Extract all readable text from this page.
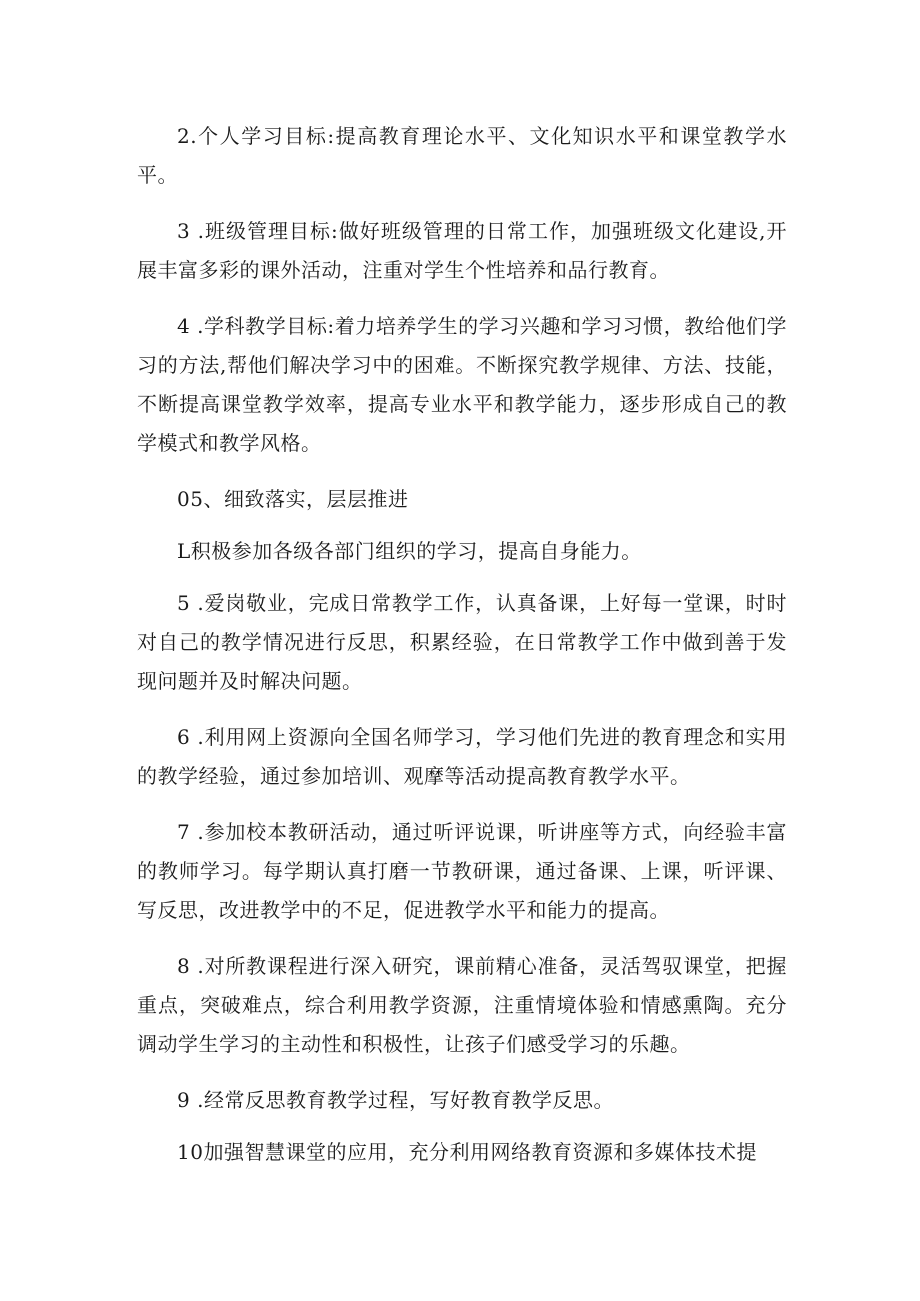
2.个人学习目标:提高教育理论水平、文化知识水平和课堂教学水平。

3 .班级管理目标:做好班级管理的日常工作，加强班级文化建设,开展丰富多彩的课外活动，注重对学生个性培养和品行教育。

4 .学科教学目标:着力培养学生的学习兴趣和学习习惯，教给他们学习的方法,帮他们解决学习中的困难。不断探究教学规律、方法、技能，不断提高课堂教学效率，提高专业水平和教学能力，逐步形成自己的教学模式和教学风格。

05、细致落实，层层推进

L积极参加各级各部门组织的学习，提高自身能力。

5 .爱岗敬业，完成日常教学工作，认真备课，上好每一堂课，时时对自己的教学情况进行反思，积累经验，在日常教学工作中做到善于发现问题并及时解决问题。

6 .利用网上资源向全国名师学习，学习他们先进的教育理念和实用的教学经验，通过参加培训、观摩等活动提高教育教学水平。

7 .参加校本教研活动，通过听评说课，听讲座等方式，向经验丰富的教师学习。每学期认真打磨一节教研课，通过备课、上课，听评课、写反思，改进教学中的不足，促进教学水平和能力的提高。

8 .对所教课程进行深入研究，课前精心准备，灵活驾驭课堂，把握重点，突破难点，综合利用教学资源，注重情境体验和情感熏陶。充分调动学生学习的主动性和积极性，让孩子们感受学习的乐趣。

9 .经常反思教育教学过程，写好教育教学反思。

10加强智慧课堂的应用，充分利用网络教育资源和多媒体技术提
